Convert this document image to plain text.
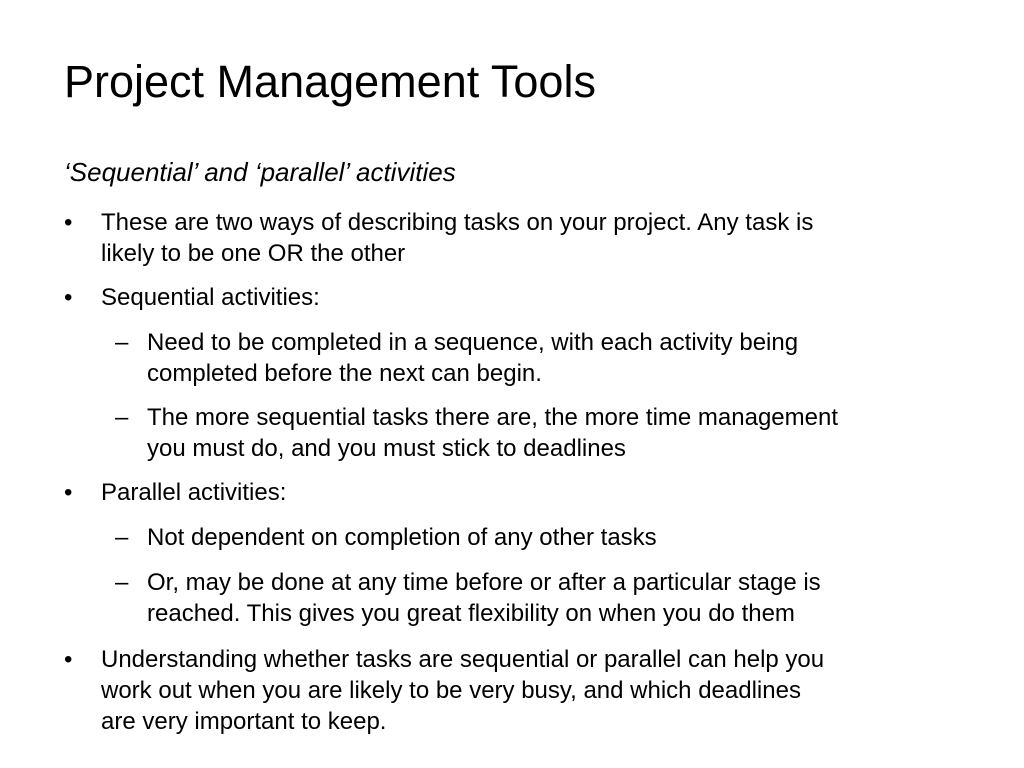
Project Management Tools
‘Sequential’ and ‘parallel’ activities
• These are two ways of describing tasks on your project. Any task is
likely to be one OR the other
• Sequential activities:
– Need to be completed in a sequence, with each activity being
completed before the next can begin.
– The more sequential tasks there are, the more time management
you must do, and you must stick to deadlines
• Parallel activities:
– Not dependent on completion of any other tasks
– Or, may be done at any time before or after a particular stage is
reached. This gives you great flexibility on when you do them
• Understanding whether tasks are sequential or parallel can help you
work out when you are likely to be very busy, and which deadlines
are very important to keep.
